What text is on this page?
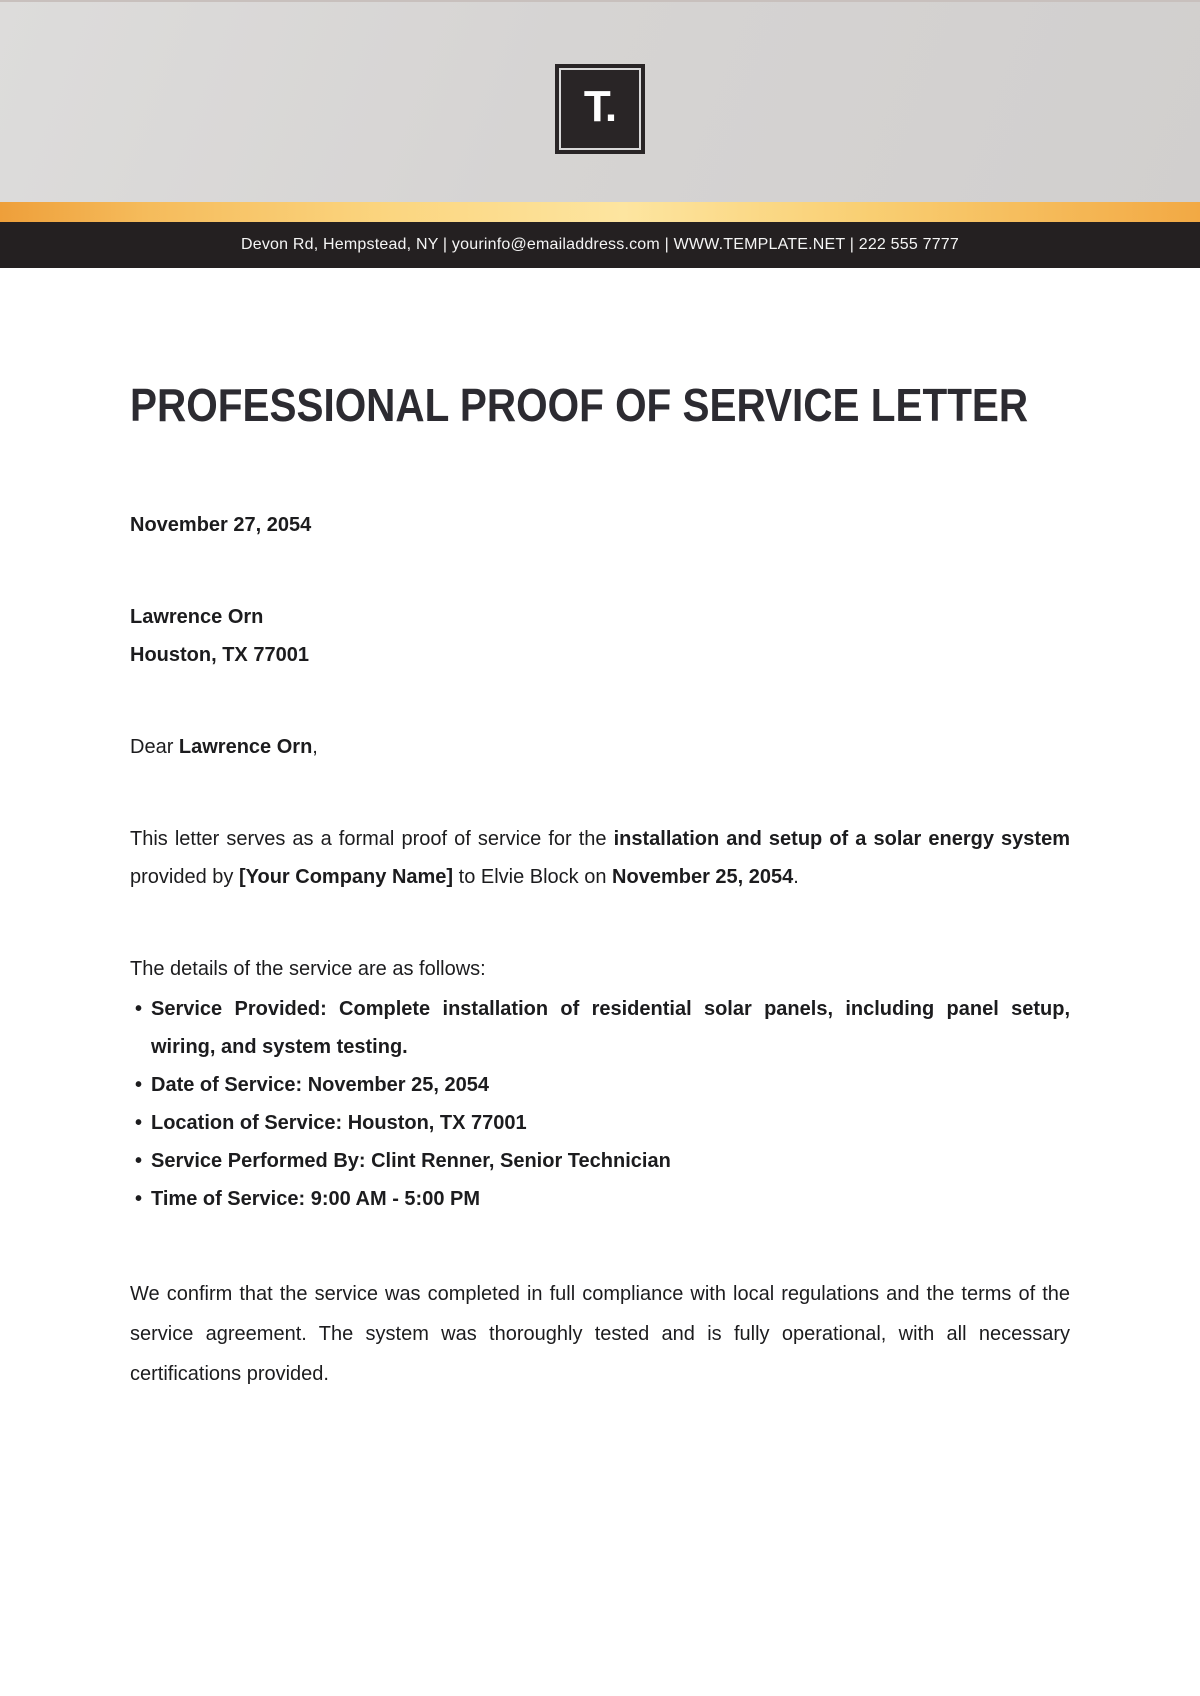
T.
Devon Rd, Hempstead, NY | yourinfo@emailaddress.com | WWW.TEMPLATE.NET | 222 555 7777
PROFESSIONAL PROOF OF SERVICE LETTER

November 27, 2054

Lawrence Orn

Houston, TX 77001

Dear Lawrence Orn,

This letter serves as a formal proof of service for the installation and setup of a solar energy system provided by [Your Company Name] to Elvie Block on November 25, 2054.

The details of the service are as follows:

• Service Provided: Complete installation of residential solar panels, including panel setup, wiring, and system testing.
• Date of Service: November 25, 2054
• Location of Service: Houston, TX 77001
• Service Performed By: Clint Renner, Senior Technician
• Time of Service: 9:00 AM - 5:00 PM

We confirm that the service was completed in full compliance with local regulations and the terms of the service agreement. The system was thoroughly tested and is fully operational, with all necessary certifications provided.
